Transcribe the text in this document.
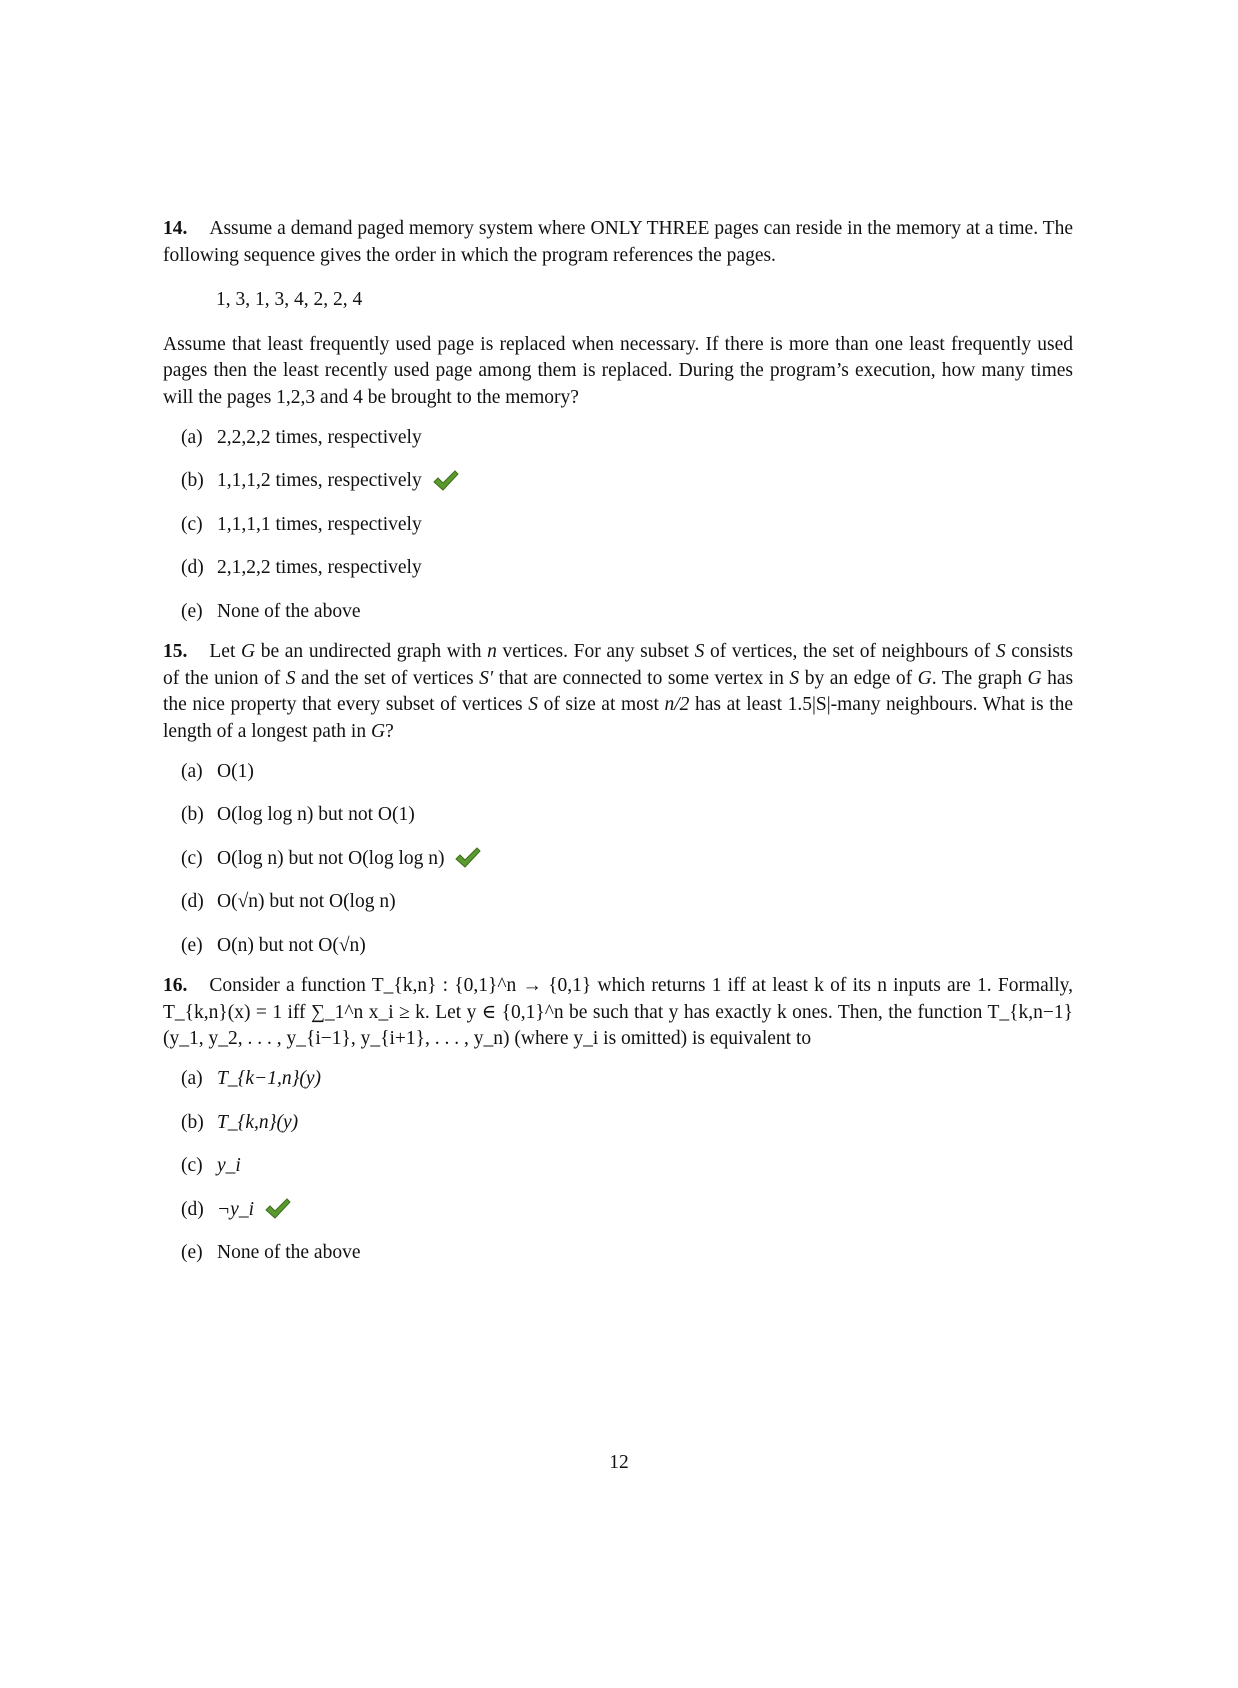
14. Assume a demand paged memory system where ONLY THREE pages can reside in the memory at a time. The following sequence gives the order in which the program references the pages.

1, 3, 1, 3, 4, 2, 2, 4

Assume that least frequently used page is replaced when necessary. If there is more than one least frequently used pages then the least recently used page among them is replaced. During the program’s execution, how many times will the pages 1,2,3 and 4 be brought to the memory?

(a) 2,2,2,2 times, respectively
(b) 1,1,1,2 times, respectively
(c) 1,1,1,1 times, respectively
(d) 2,1,2,2 times, respectively
(e) None of the above

15. Let G be an undirected graph with n vertices. For any subset S of vertices, the set of neighbours of S consists of the union of S and the set of vertices S′ that are connected to some vertex in S by an edge of G. The graph G has the nice property that every subset of vertices S of size at most n/2 has at least 1.5|S|-many neighbours. What is the length of a longest path in G?

(a) O(1)
(b) O(log log n) but not O(1)
(c) O(log n) but not O(log log n)
(d) O(√n) but not O(log n)
(e) O(n) but not O(√n)

16. Consider a function T_{k,n} : {0,1}^n → {0,1} which returns 1 iff at least k of its n inputs are 1. Formally, T_{k,n}(x) = 1 iff ∑_1^n x_i ≥ k. Let y ∈ {0,1}^n be such that y has exactly k ones. Then, the function T_{k,n−1}(y_1, y_2, . . . , y_{i−1}, y_{i+1}, . . . , y_n) (where y_i is omitted) is equivalent to

(a) T_{k−1,n}(y)
(b) T_{k,n}(y)
(c) y_i
(d) ¬y_i
(e) None of the above
12
